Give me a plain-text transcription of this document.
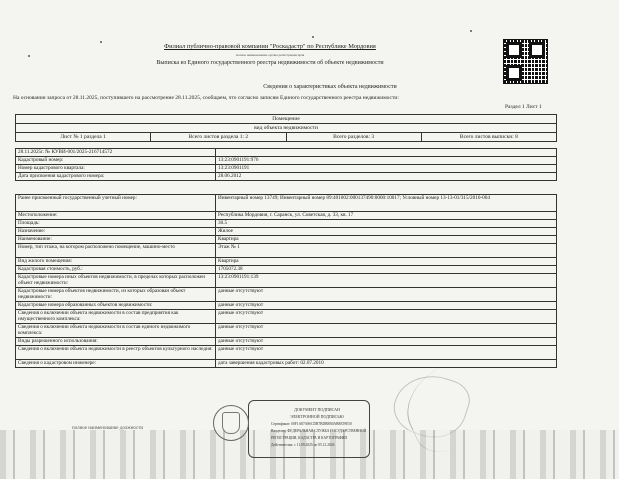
Филиал публично-правовой компании "Роскадастр" по Республике Мордовия
полное наименование органа регистрации прав
Выписка из Единого государственного реестра недвижимости об объекте недвижимости
Сведения о характеристиках объекта недвижимости
На основании запроса от 28.11.2025, поступившего на рассмотрение 28.11.2025, сообщаем, что согласно записям Единого государственного реестра недвижимости:
Раздел 1 Лист 1
Помещение
вид объекта недвижимости
Лист № 1 раздела 1	Всего листов раздела 1: 2	Всего разделов: 3	Всего листов выписки: 8
28.11.2025г. № КУВИ-001/2025-216714572	
Кадастровый номер:	13:23:0901191:976
Номер кадастрового квартала:	13:23:0901191
Дата присвоения кадастрового номера:	28.06.2012
Ранее присвоенный государственный учетный номер:	Инвентарный номер 13749; Инвентарный номер 89:401002:000137490:0000:10017; Условный номер 13-13-01/315/2010-004
Местоположение:	Республика Мордовия, г. Саранск, ул. Советская, д. 33, кв. 17
Площадь:	30.5
Назначение:	Жилое
Наименование:	Квартира
Номер, тип этажа, на котором расположено помещение, машино-место	Этаж № 1
Вид жилого помещения:	Квартира
Кадастровая стоимость, руб.:	1705072.38
Кадастровые номера иных объектов недвижимости, в пределах которых расположен объект недвижимости:	13:23:0901191:139
Кадастровые номера объектов недвижимости, из которых образован объект недвижимости:	данные отсутствуют
Кадастровые номера образованных объектов недвижимости:	данные отсутствуют
Сведения о включении объекта недвижимости в состав предприятия как имущественного комплекса:	данные отсутствуют
Сведения о включении объекта недвижимости в состав единого недвижимого комплекса:	данные отсутствуют
Виды разрешенного использования:	данные отсутствуют
Сведения о включении объекта недвижимости в реестр объектов культурного наследия:	данные отсутствуют
Сведения о кадастровом инженере:	дата завершения кадастровых работ: 02.07.2010
полное наименование должности
ДОКУМЕНТ ПОДПИСАН
ЭЛЕКТРОННОЙ ПОДПИСЬЮ
Сертификат: 00F1A87A86CDB7BDB8B0AB8E59E50
Владелец: ФЕДЕРАЛЬНАЯ СЛУЖБА ГОСУДАРСТВЕННОЙ
РЕГИСТРАЦИИ, КАДАСТРА И КАРТОГРАФИИ
Действителен: с 11.09.2025 по 05.12.2026
